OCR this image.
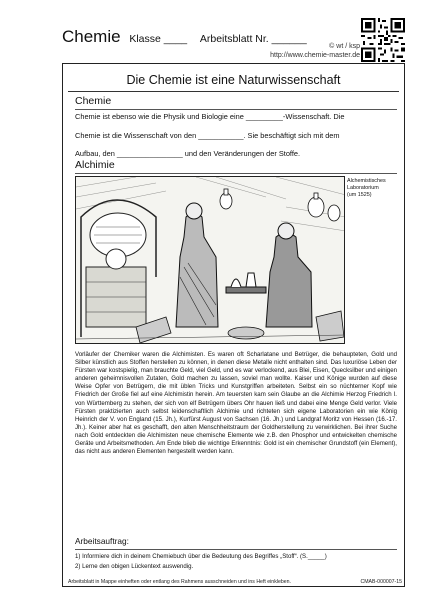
Chemie Klasse ____ Arbeitsblatt Nr. ______
© wt / ksp
http://www.chemie-master.de
Die Chemie ist eine Naturwissenschaft
Chemie
Chemie ist ebenso wie die Physik und Biologie eine _________-Wissenschaft. Die
Chemie ist die Wissenschaft von den ___________. Sie beschäftigt sich mit dem
Aufbau, den ________________ und den Veränderungen der Stoffe.
Alchimie
Alchemistisches
Laboratorium
(um 1525)
Vorläufer der Chemiker waren die Alchimisten. Es waren oft Scharlatane und Betrüger, die behaupteten, Gold und Silber künstlich aus Stoffen herstellen zu können, in denen diese Metalle nicht enthalten sind. Das luxuriöse Leben der Fürsten war kostspielig, man brauchte Geld, viel Geld, und es war verlockend, aus Blei, Eisen, Quecksilber und einigen anderen geheimnisvollen Zutaten, Gold machen zu lassen, soviel man wollte. Kaiser und Könige wurden auf diese Weise Opfer von Betrügern, die mit üblen Tricks und Kunstgriffen arbeiteten. Selbst ein so nüchterner Kopf wie Friedrich der Große fiel auf eine Alchimistin herein. Am teuersten kam sein Glaube an die Alchimie Herzog Friedrich I. von Württemberg zu stehen, der sich von elf Betrügern übers Ohr hauen ließ und dabei eine Menge Geld verlor. Viele Fürsten praktizierten auch selbst leidenschaftlich Alchimie und richteten sich eigene Laboratorien ein wie König Heinrich der V. von England (15. Jh.), Kurfürst August von Sachsen (16. Jh.) und Landgraf Moritz von Hessen (16.-17. Jh.). Keiner aber hat es geschafft, den alten Menschheitstraum der Goldherstellung zu verwirklichen. Bei ihrer Suche nach Gold entdeckten die Alchimisten neue chemische Elemente wie z.B. den Phosphor und entwickelten chemische Geräte und Arbeitsmethoden. Am Ende blieb die wichtige Erkenntnis: Gold ist ein chemischer Grundstoff (ein Element), das nicht aus anderen Elementen hergestellt werden kann.
Arbeitsauftrag:
1) Informiere dich in deinem Chemiebuch über die Bedeutung des Begriffes „Stoff“. (S._____)
2) Lerne den obigen Lückentext auswendig.
Arbeitsblatt in Mappe einheften oder entlang des Rahmens ausschneiden und ins Heft einkleben.	CMAB-000007-15
